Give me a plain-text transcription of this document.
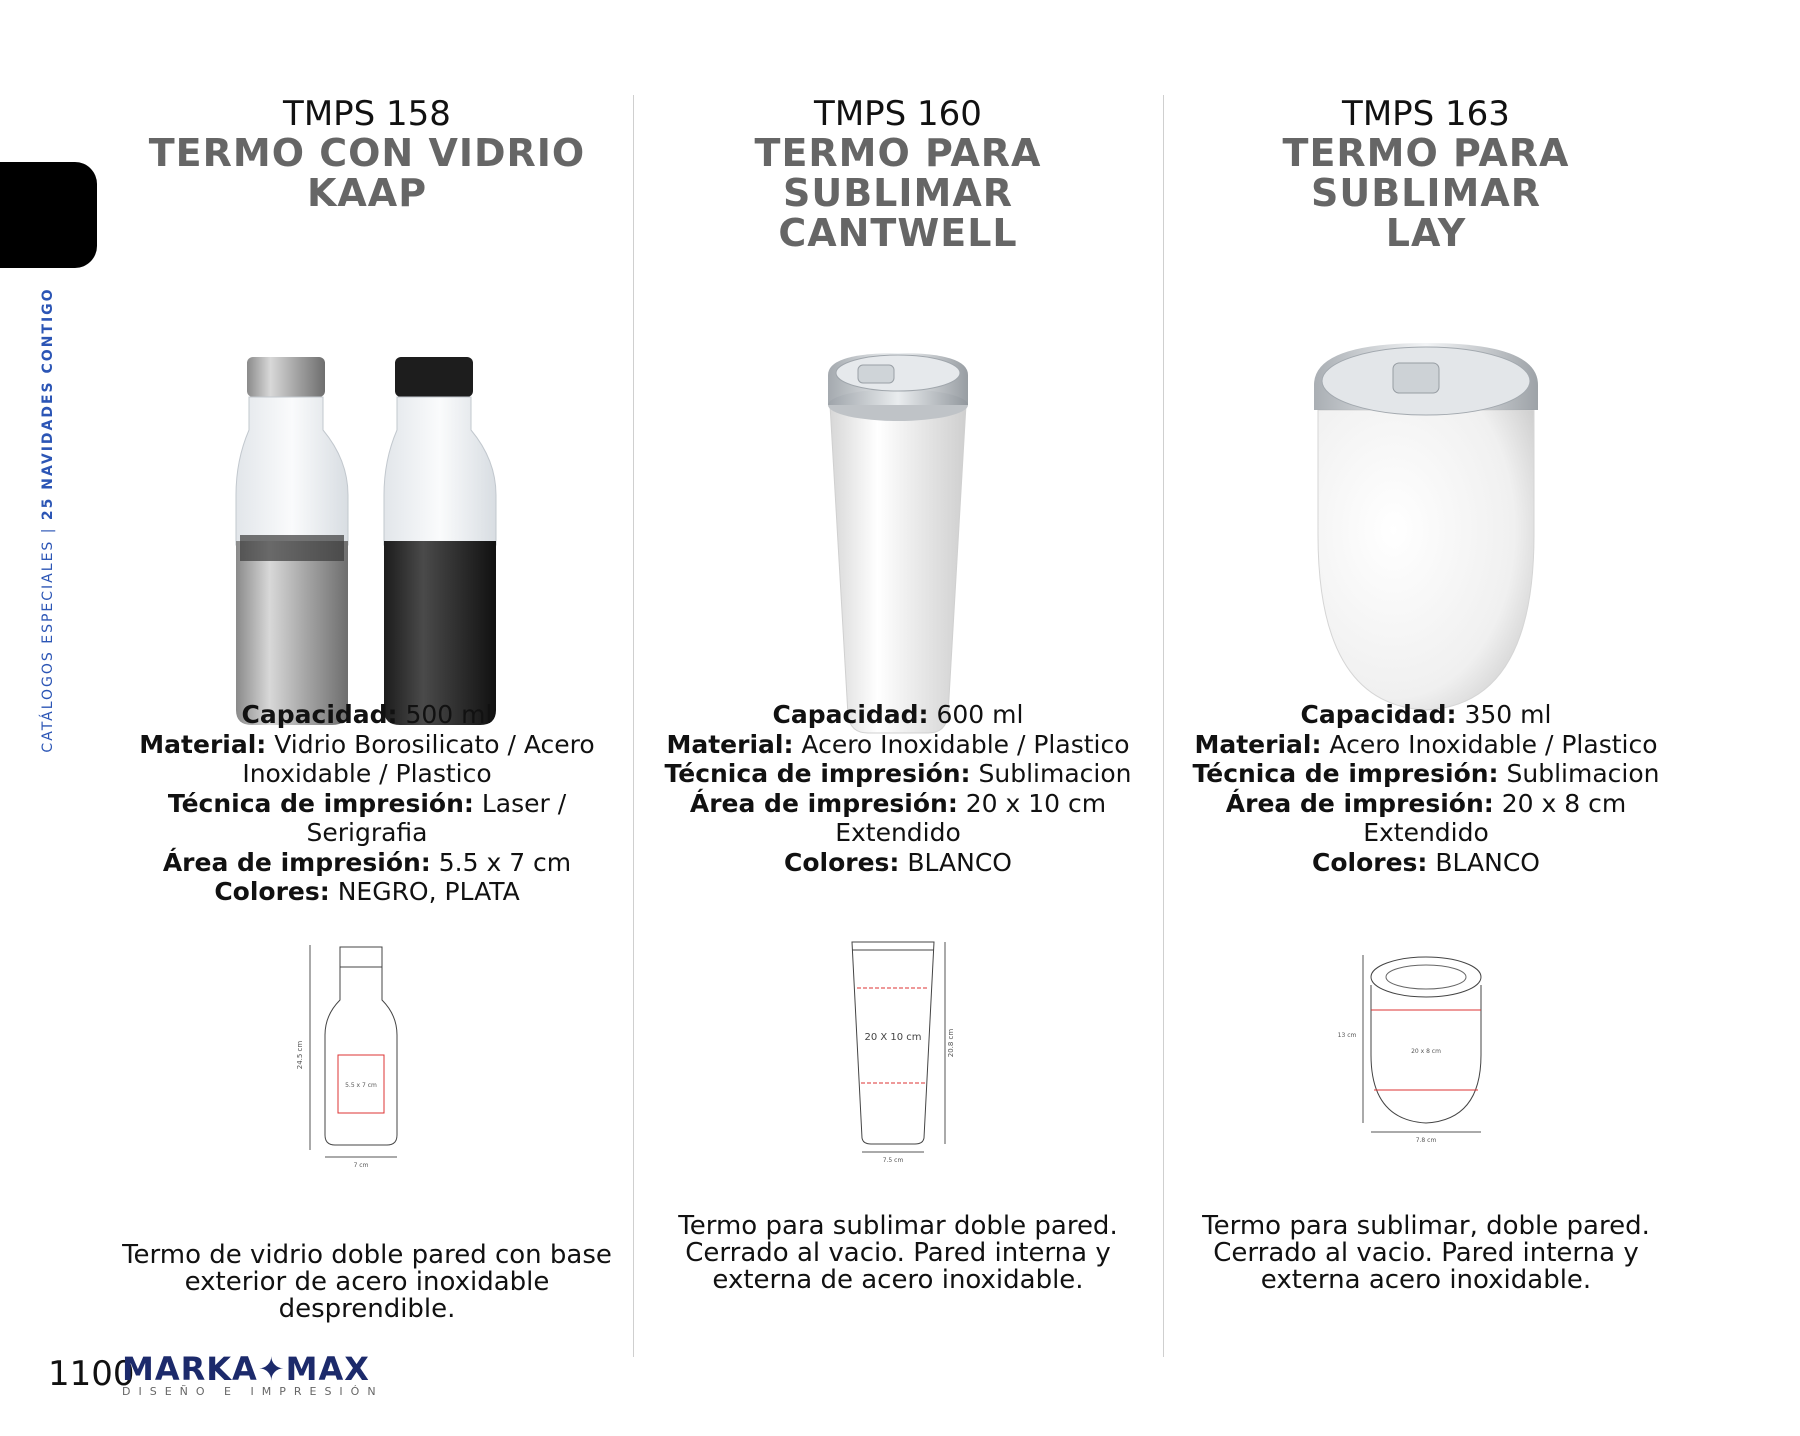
CATÁLOGOS ESPECIALES | 25 NAVIDADES CONTIGO
TMPS 158
TERMO CON VIDRIO
KAAP
Capacidad: 500 ml
Material: Vidrio Borosilicato / Acero Inoxidable / Plastico
Técnica de impresión: Laser / Serigrafia
Área de impresión: 5.5 x 7 cm
Colores: NEGRO, PLATA
24.5 cm
5.5 x 7 cm
7 cm
Termo de vidrio doble pared con base exterior de acero inoxidable desprendible.
TMPS 160
TERMO PARA SUBLIMAR
CANTWELL
Capacidad: 600 ml
Material: Acero Inoxidable / Plastico
Técnica de impresión: Sublimacion
Área de impresión: 20 x 10 cm Extendido
Colores: BLANCO
20 X 10 cm	20.8 cm
7.5 cm
Termo para sublimar doble pared. Cerrado al vacio. Pared interna y externa de acero inoxidable.
TMPS 163
TERMO PARA SUBLIMAR
LAY
Capacidad: 350 ml
Material: Acero Inoxidable / Plastico
Técnica de impresión: Sublimacion
Área de impresión: 20 x 8 cm Extendido
Colores: BLANCO
20 x 8 cm
13 cm
7.8 cm
Termo para sublimar, doble pared. Cerrado al vacio. Pared interna y externa acero inoxidable.
1100
MARKA✦MAX
DISEÑO E IMPRESIÓN
